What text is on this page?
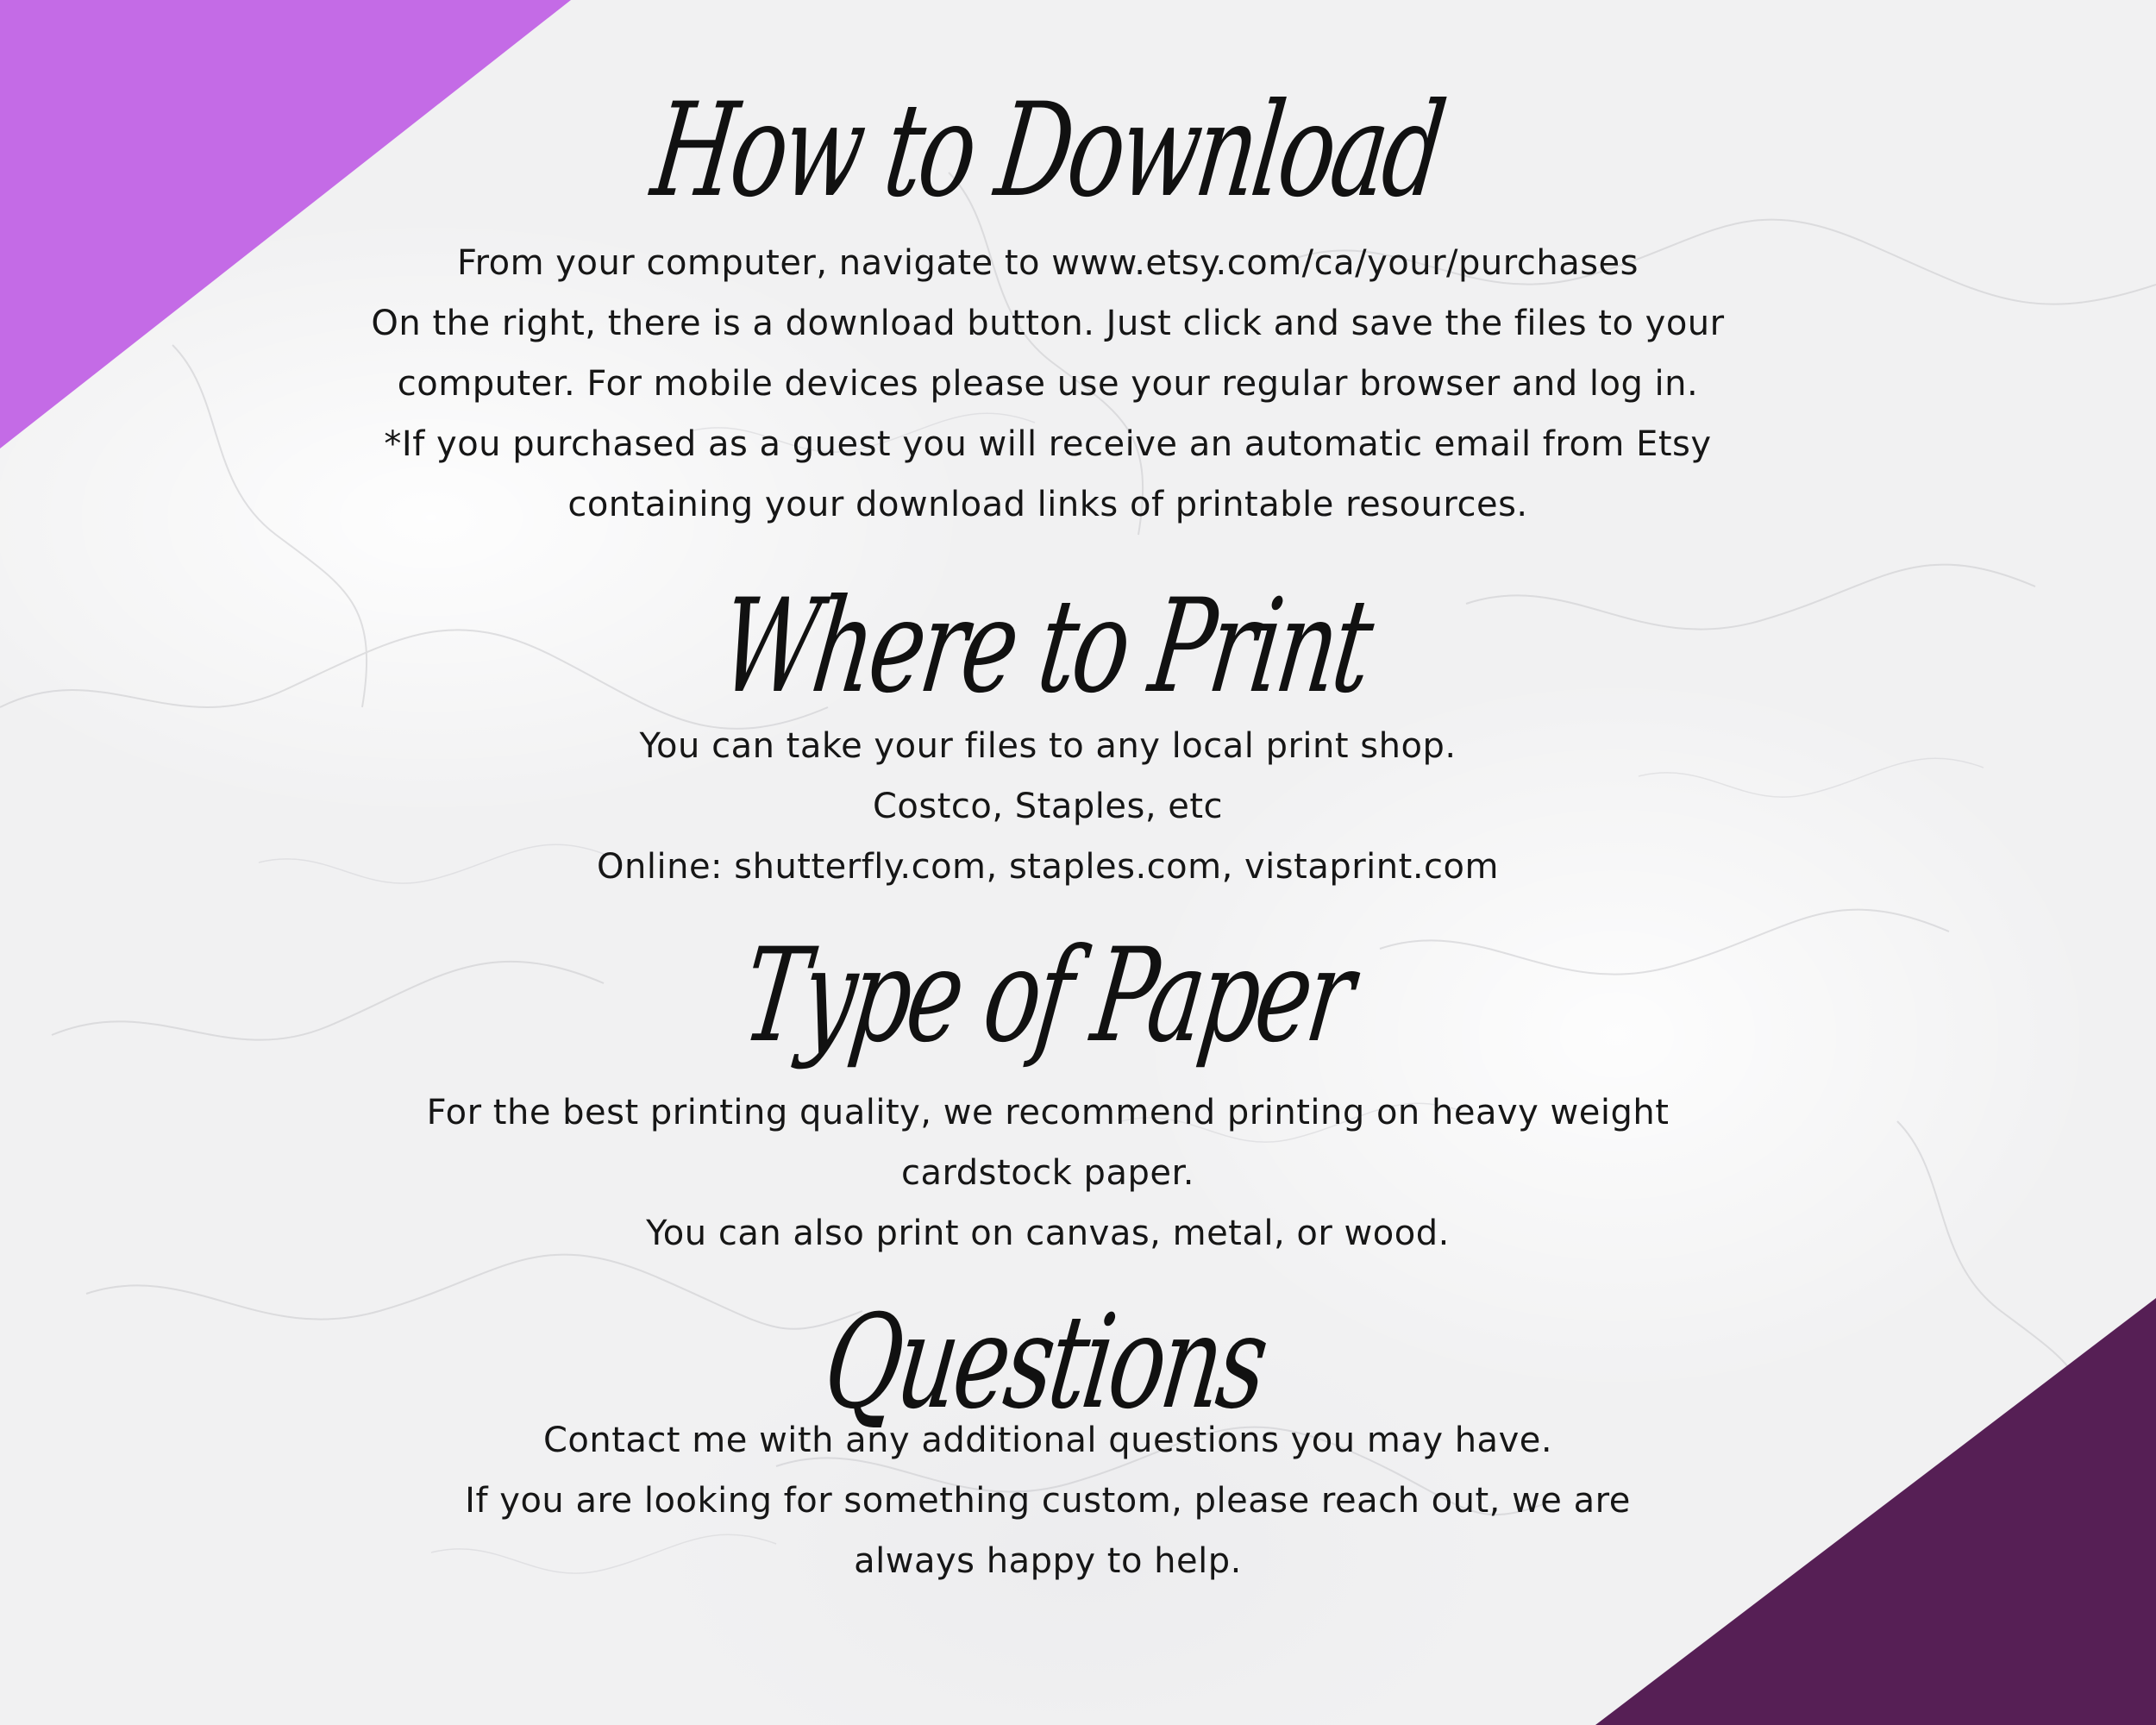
How to Download
From your computer, navigate to www.etsy.com/ca/your/purchases
On the right, there is a download button. Just click and save the files to your
computer. For mobile devices please use your regular browser and log in.
*If you purchased as a guest you will receive an automatic email from Etsy
containing your download links of printable resources.
Where to Print
You can take your files to any local print shop.
Costco, Staples, etc
Online: shutterfly.com, staples.com, vistaprint.com
Type of Paper
For the best printing quality, we recommend printing on heavy weight
cardstock paper.
You can also print on canvas, metal, or wood.
Questions
Contact me with any additional questions you may have.
If you are looking for something custom, please reach out, we are
always happy to help.
